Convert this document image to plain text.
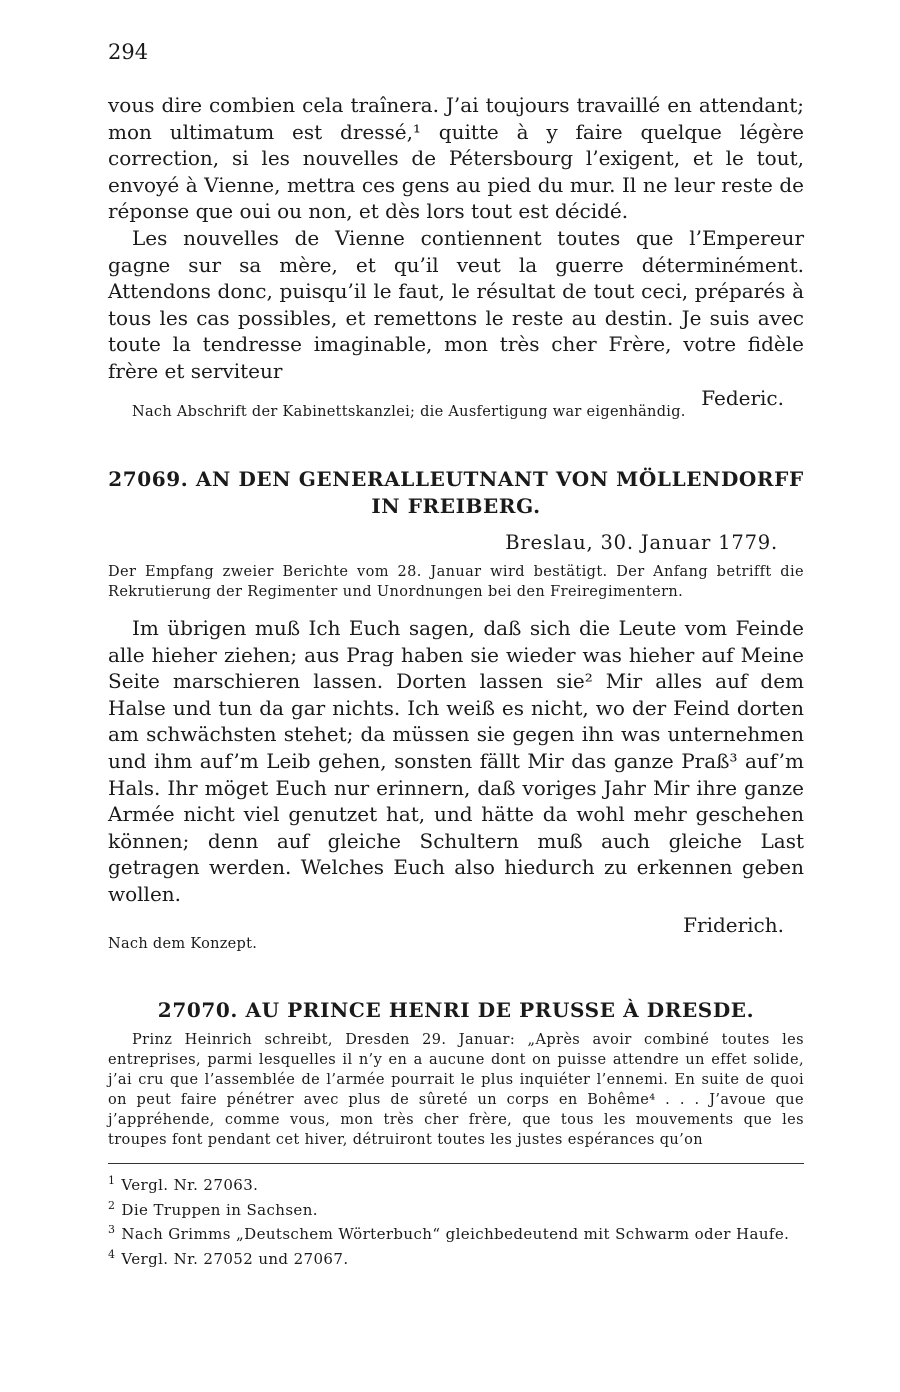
294

vous dire combien cela traînera. J’ai toujours travaillé en attendant; mon ultimatum est dressé,¹ quitte à y faire quelque légère correction, si les nouvelles de Pétersbourg l’exigent, et le tout, envoyé à Vienne, mettra ces gens au pied du mur. Il ne leur reste de réponse que oui ou non, et dès lors tout est décidé.

Les nouvelles de Vienne contiennent toutes que l’Empereur gagne sur sa mère, et qu’il veut la guerre déterminément. Attendons donc, puisqu’il le faut, le résultat de tout ceci, préparés à tous les cas possibles, et remettons le reste au destin. Je suis avec toute la tendresse imaginable, mon très cher Frère, votre fidèle frère et serviteur

Federic.

Nach Abschrift der Kabinettskanzlei; die Ausfertigung war eigenhändig.

27069. AN DEN GENERALLEUTNANT VON MÖLLENDORFF
IN FREIBERG.
Breslau, 30. Januar 1779.

Der Empfang zweier Berichte vom 28. Januar wird bestätigt. Der Anfang betrifft die Rekrutierung der Regimenter und Unordnungen bei den Freiregimentern.

Im übrigen muß Ich Euch sagen, daß sich die Leute vom Feinde alle hieher ziehen; aus Prag haben sie wieder was hieher auf Meine Seite marschieren lassen. Dorten lassen sie² Mir alles auf dem Halse und tun da gar nichts. Ich weiß es nicht, wo der Feind dorten am schwächsten stehet; da müssen sie gegen ihn was unternehmen und ihm auf’m Leib gehen, sonsten fällt Mir das ganze Praß³ auf’m Hals. Ihr möget Euch nur erinnern, daß voriges Jahr Mir ihre ganze Armée nicht viel genutzet hat, und hätte da wohl mehr geschehen können; denn auf gleiche Schultern muß auch gleiche Last getragen werden. Welches Euch also hiedurch zu erkennen geben wollen.

Friderich.

Nach dem Konzept.

27070. AU PRINCE HENRI DE PRUSSE À DRESDE.

Prinz Heinrich schreibt, Dresden 29. Januar: „Après avoir combiné toutes les entreprises, parmi lesquelles il n’y en a aucune dont on puisse attendre un effet solide, j’ai cru que l’assemblée de l’armée pourrait le plus inquiéter l’ennemi. En suite de quoi on peut faire pénétrer avec plus de sûreté un corps en Bohême⁴ . . . J’avoue que j’appréhende, comme vous, mon très cher frère, que tous les mouvements que les troupes font pendant cet hiver, détruiront toutes les justes espérances qu’on

$^1$ Vergl. Nr. 27063.
$^2$ Die Truppen in Sachsen.
$^3$ Nach Grimms „Deutschem Wörterbuch“ gleichbedeutend mit Schwarm oder Haufe.
$^4$ Vergl. Nr. 27052 und 27067.
